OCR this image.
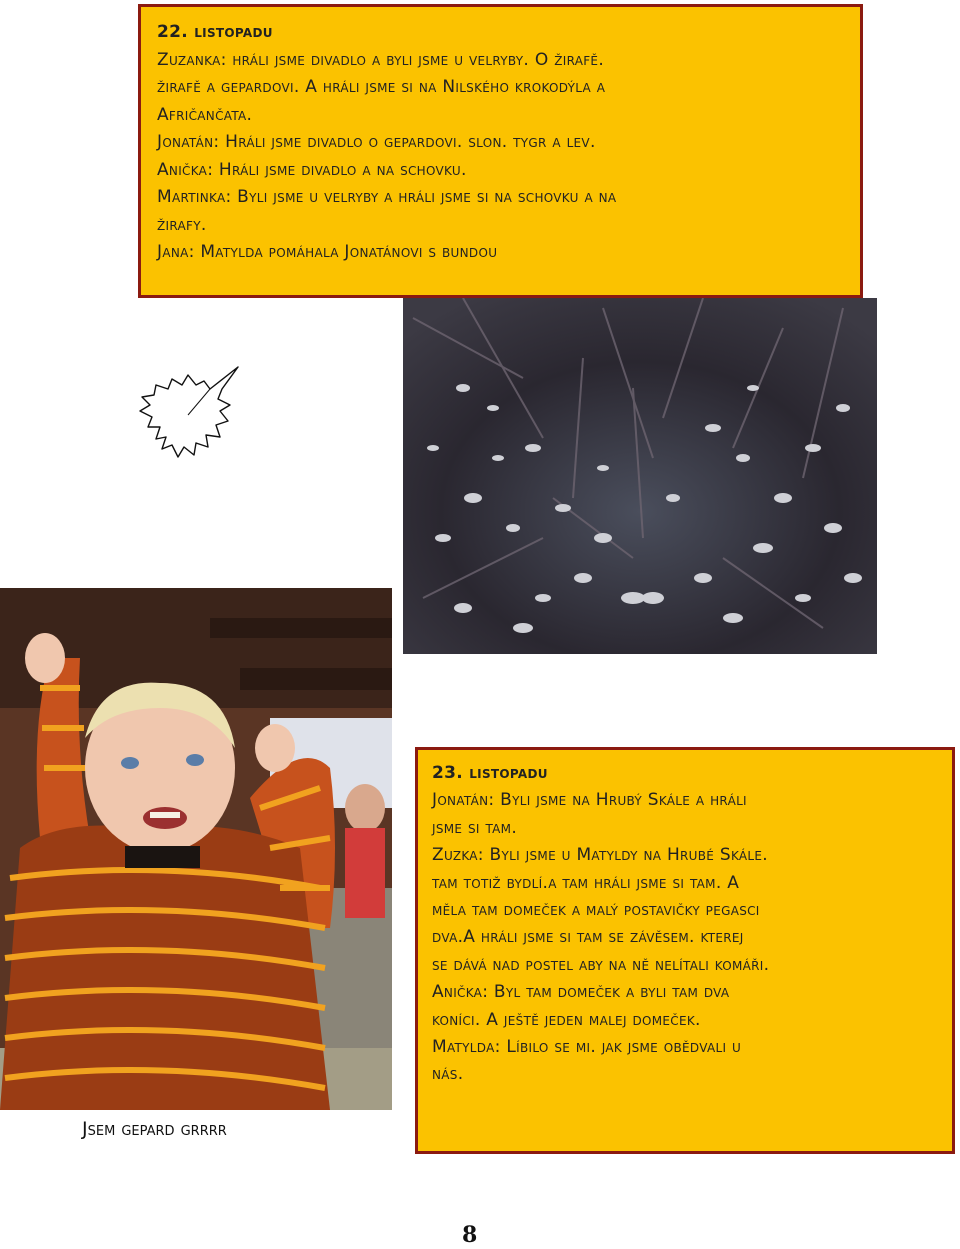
22. listopadu

Zuzanka: hráli jsme divadlo a byli jsme u velryby. O žirafě.

žirafě a gepardovi. A hráli jsme si na Nilského krokodýla a

Afričančata.

Jonatán: Hráli jsme divadlo o gepardovi. slon. tygr a lev.

Anička: Hráli jsme divadlo a na schovku.

Martinka: Byli jsme u velryby a hráli jsme si na schovku a na

žirafy.

Jana: Matylda pomáhala Jonatánovi s bundou

Jsem gepard grrrr

23. listopadu

Jonatán: Byli jsme na Hrubý Skále a hráli

jsme si tam.

Zuzka: Byli jsme u Matyldy na Hrubé Skále.

tam totiž bydlí.a tam hráli jsme si tam. A

měla tam domeček a malý postavičky pegasci

dva.A hráli jsme si tam se závěsem. kterej

se dává nad postel aby na ně nelítali komáři.

Anička: Byl tam domeček a byli tam dva

koníci. A ještě jeden malej domeček.

Matylda: Líbilo se mi. jak jsme obědvali u

nás.

8
